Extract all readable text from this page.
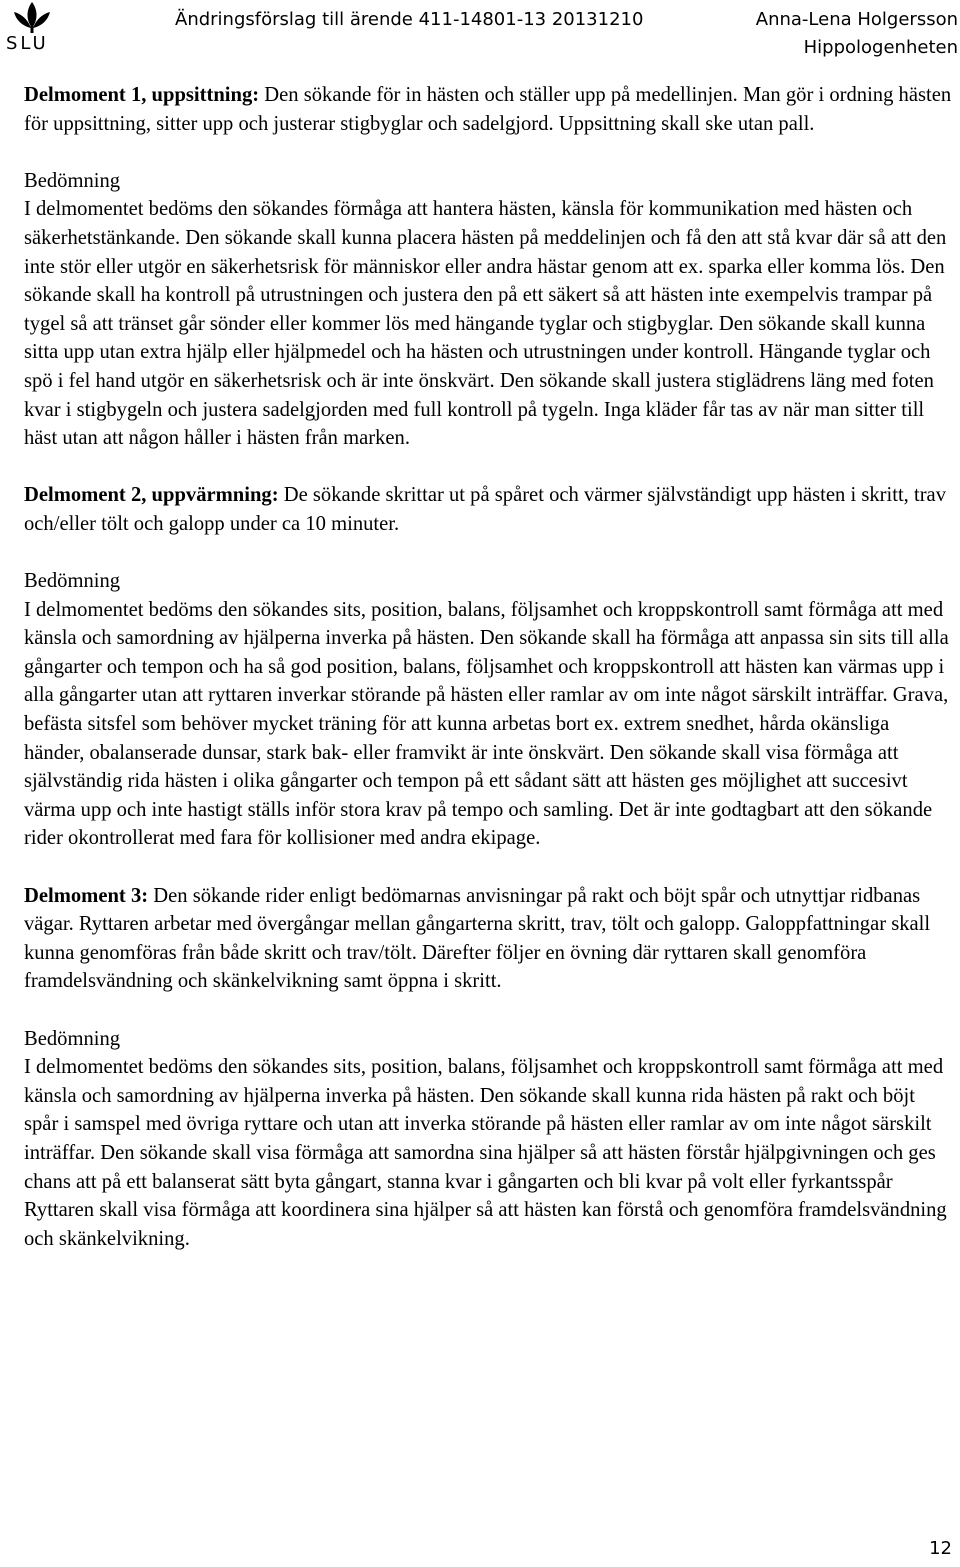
SLU
Ändringsförslag till ärende 411-14801-13 20131210	Anna-Lena Holgersson
Hippologenheten

Delmoment 1, uppsittning: Den sökande för in hästen och ställer upp på medellinjen. Man gör i ordning hästen för uppsittning, sitter upp och justerar stigbyglar och sadelgjord. Uppsittning skall ske utan pall.

Bedömning
I delmomentet bedöms den sökandes förmåga att hantera hästen, känsla för kommunikation med hästen och säkerhetstänkande. Den sökande skall kunna placera hästen på meddelinjen och få den att stå kvar där så att den inte stör eller utgör en säkerhetsrisk för människor eller andra hästar genom att ex. sparka eller komma lös. Den sökande skall ha kontroll på utrustningen och justera den på ett säkert så att hästen inte exempelvis trampar på tygel så att tränset går sönder eller kommer lös med hängande tyglar och stigbyglar. Den sökande skall kunna sitta upp utan extra hjälp eller hjälpmedel och ha hästen och utrustningen under kontroll. Hängande tyglar och spö i fel hand utgör en säkerhetsrisk och är inte önskvärt. Den sökande skall justera stiglädrens läng med foten kvar i stigbygeln och justera sadelgjorden med full kontroll på tygeln. Inga kläder får tas av när man sitter till häst utan att någon håller i hästen från marken.

Delmoment 2, uppvärmning: De sökande skrittar ut på spåret och värmer självständigt upp hästen i skritt, trav och/eller tölt och galopp under ca 10 minuter.

Bedömning
I delmomentet bedöms den sökandes sits, position, balans, följsamhet och kroppskontroll samt förmåga att med känsla och samordning av hjälperna inverka på hästen. Den sökande skall ha förmåga att anpassa sin sits till alla gångarter och tempon och ha så god position, balans, följsamhet och kroppskontroll att hästen kan värmas upp i alla gångarter utan att ryttaren inverkar störande på hästen eller ramlar av om inte något särskilt inträffar. Grava, befästa sitsfel som behöver mycket träning för att kunna arbetas bort ex. extrem snedhet, hårda okänsliga händer, obalanserade dunsar, stark bak- eller framvikt är inte önskvärt. Den sökande skall visa förmåga att självständig rida hästen i olika gångarter och tempon på ett sådant sätt att hästen ges möjlighet att succesivt värma upp och inte hastigt ställs inför stora krav på tempo och samling. Det är inte godtagbart att den sökande rider okontrollerat med fara för kollisioner med andra ekipage.

Delmoment 3: Den sökande rider enligt bedömarnas anvisningar på rakt och böjt spår och utnyttjar ridbanas vägar. Ryttaren arbetar med övergångar mellan gångarterna skritt, trav, tölt och galopp. Galoppfattningar skall kunna genomföras från både skritt och trav/tölt. Därefter följer en övning där ryttaren skall genomföra framdelsvändning och skänkelvikning samt öppna i skritt.

Bedömning
I delmomentet bedöms den sökandes sits, position, balans, följsamhet och kroppskontroll samt förmåga att med känsla och samordning av hjälperna inverka på hästen. Den sökande skall kunna rida hästen på rakt och böjt spår i samspel med övriga ryttare och utan att inverka störande på hästen eller ramlar av om inte något särskilt inträffar. Den sökande skall visa förmåga att samordna sina hjälper så att hästen förstår hjälpgivningen och ges chans att på ett balanserat sätt byta gångart, stanna kvar i gångarten och bli kvar på volt eller fyrkantsspår Ryttaren skall visa förmåga att koordinera sina hjälper så att hästen kan förstå och genomföra framdelsvändning och skänkelvikning.

12
